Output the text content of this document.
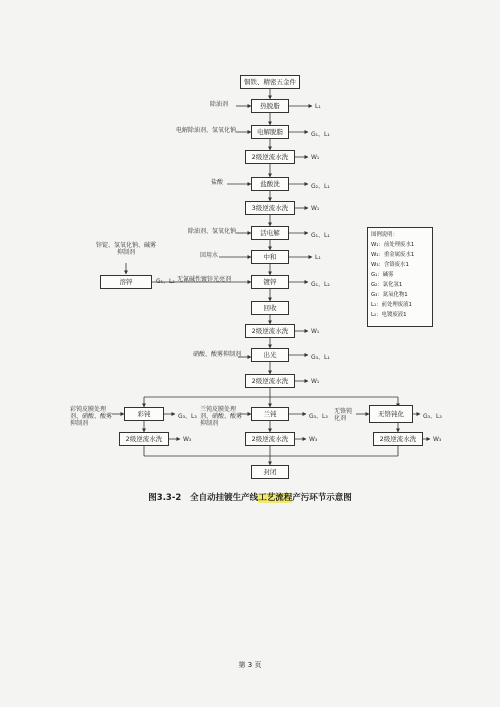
铜铁、精密五金件
热脱脂
电解脱脂
2级逆流水洗
盐酸洗
3级逆流水洗
活电解
中和
镀锌
回收
2级逆流水洗
出光
2级逆流水洗
彩钝
2级逆流水洗
兰钝
2级逆流水洗
无铬钝化
2级逆流水洗
封闭
溶锌
除油剂
电解除油剂、氢氧化钠
盐酸
除油剂、氢氧化钠
回用水
无氰碱性镀锌光亮剂
硝酸、酸雾抑制剂
锌锭、氢氧化钠、碱雾抑制剂
彩钝皮膜处理剂、硝酸、酸雾抑制剂
兰钝皮膜处理剂、硝酸、酸雾抑制剂
无铬钝化剂
L₁
G₁、L₁
W₁
G₂、L₁
W₁
G₁、L₁
L₁
G₁、L₂
W₁
G₃、L₁
W₁
G₁、L₂
G₃、L₃
W₃
G₃、L₃
W₃
G₃、L₃
W₃
图例说明：
W₁：前处理废水1
W₂：重金属废水1
W₃：含铬废水1
G₁：碱雾
G₂：氯化氢1
G₃：氮氧化物1
L₁：前处理废液1
L₂：电镀废液1
图3.3-2 全自动挂镀生产线工艺流程产污环节示意图
第 3 页
